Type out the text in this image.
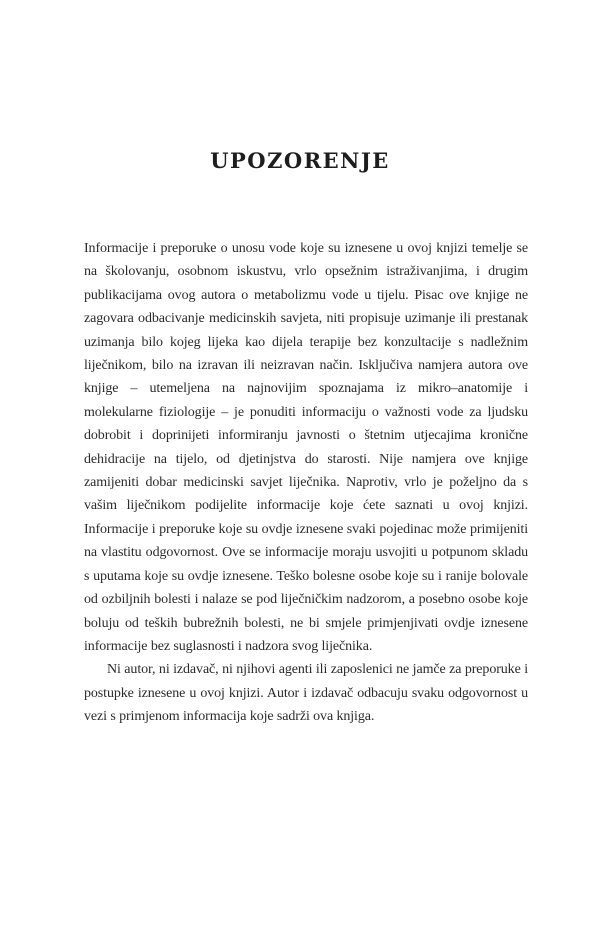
UPOZORENJE

Informacije i preporuke o unosu vode koje su iznesene u ovoj knjizi temelje se na školovanju, osobnom iskustvu, vrlo opsežnim istraživanjima, i drugim publikacijama ovog autora o metabolizmu vode u tijelu. Pisac ove knjige ne zagovara odbacivanje medicinskih savjeta, niti propisuje uzimanje ili prestanak uzimanja bilo kojeg lijeka kao dijela terapije bez konzultacije s nadležnim liječnikom, bilo na izravan ili neizravan način. Isključiva namjera autora ove knjige – utemeljena na najnovijim spoznajama iz mikro–anatomije i molekularne fiziologije – je ponuditi informaciju o važnosti vode za ljudsku dobrobit i doprinijeti informiranju javnosti o štetnim utjecajima kronične dehidracije na tijelo, od djetinjstva do starosti. Nije namjera ove knjige zamijeniti dobar medicinski savjet liječnika. Naprotiv, vrlo je poželjno da s vašim liječnikom podijelite informacije koje ćete saznati u ovoj knjizi. Informacije i preporuke koje su ovdje iznesene svaki pojedinac može primijeniti na vlastitu odgovornost. Ove se informacije moraju usvojiti u potpunom skladu s uputama koje su ovdje iznesene. Teško bolesne osobe koje su i ranije bolovale od ozbiljnih bolesti i nalaze se pod liječničkim nadzorom, a posebno osobe koje boluju od teških bubrežnih bolesti, ne bi smjele primjenjivati ovdje iznesene informacije bez suglasnosti i nadzora svog liječnika.

Ni autor, ni izdavač, ni njihovi agenti ili zaposlenici ne jamče za preporuke i postupke iznesene u ovoj knjizi. Autor i izdavač odbacuju svaku odgovornost u vezi s primjenom informacija koje sadrži ova knjiga.
